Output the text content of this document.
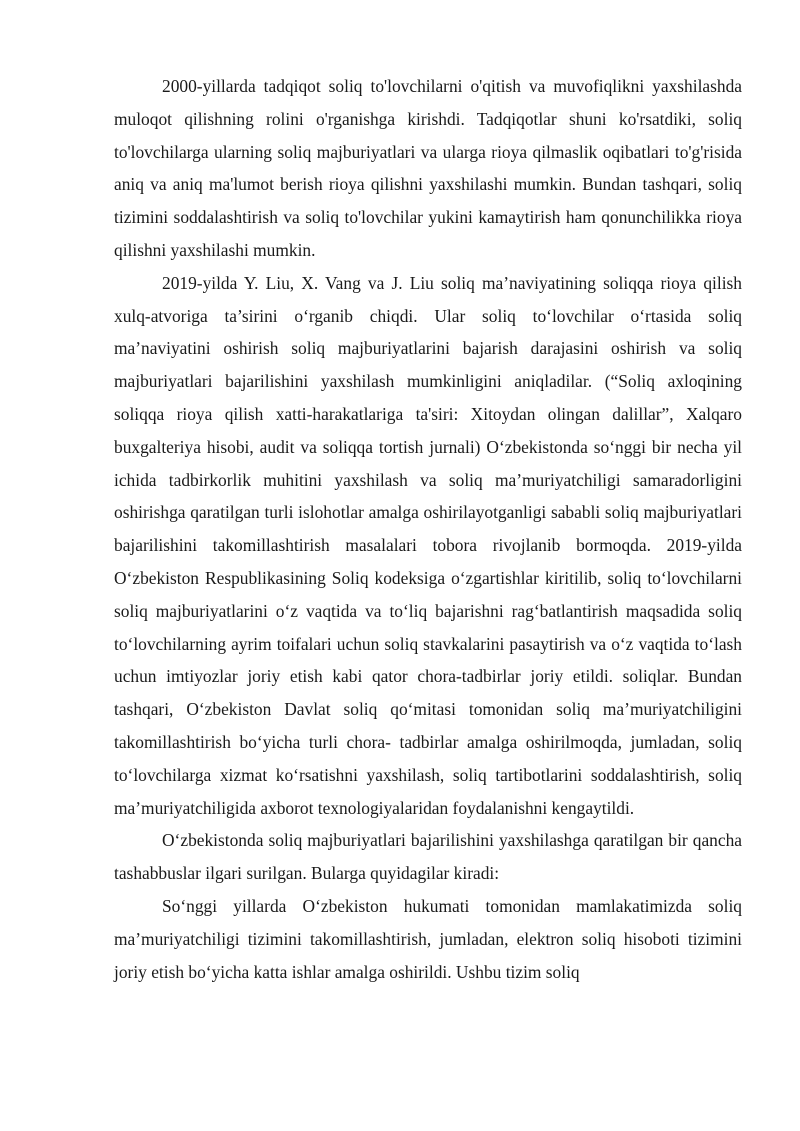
2000-yillarda tadqiqot soliq to'lovchilarni o'qitish va muvofiqlikni yaxshilashda muloqot qilishning rolini o'rganishga kirishdi. Tadqiqotlar shuni ko'rsatdiki, soliq to'lovchilarga ularning soliq majburiyatlari va ularga rioya qilmaslik oqibatlari to'g'risida aniq va aniq ma'lumot berish rioya qilishni yaxshilashi mumkin. Bundan tashqari, soliq tizimini soddalashtirish va soliq to'lovchilar yukini kamaytirish ham qonunchilikka rioya qilishni yaxshilashi mumkin.

2019-yilda Y. Liu, X. Vang va J. Liu soliq ma’naviyatining soliqqa rioya qilish xulq-atvoriga ta’sirini o‘rganib chiqdi. Ular soliq to‘lovchilar o‘rtasida soliq ma’naviyatini oshirish soliq majburiyatlarini bajarish darajasini oshirish va soliq majburiyatlari bajarilishini yaxshilash mumkinligini aniqladilar. (“Soliq axloqining soliqqa rioya qilish xatti-harakatlariga ta'siri: Xitoydan olingan dalillar”, Xalqaro buxgalteriya hisobi, audit va soliqqa tortish jurnali) O‘zbekistonda so‘nggi bir necha yil ichida tadbirkorlik muhitini yaxshilash va soliq ma’muriyatchiligi samaradorligini oshirishga qaratilgan turli islohotlar amalga oshirilayotganligi sababli soliq majburiyatlari bajarilishini takomillashtirish masalalari tobora rivojlanib bormoqda. 2019-yilda O‘zbekiston Respublikasining Soliq kodeksiga o‘zgartishlar kiritilib, soliq to‘lovchilarni soliq majburiyatlarini o‘z vaqtida va to‘liq bajarishni rag‘batlantirish maqsadida soliq to‘lovchilarning ayrim toifalari uchun soliq stavkalarini pasaytirish va o‘z vaqtida to‘lash uchun imtiyozlar joriy etish kabi qator chora-tadbirlar joriy etildi. soliqlar. Bundan tashqari, O‘zbekiston Davlat soliq qo‘mitasi tomonidan soliq ma’muriyatchiligini takomillashtirish bo‘yicha turli chora- tadbirlar amalga oshirilmoqda, jumladan, soliq to‘lovchilarga xizmat ko‘rsatishni yaxshilash, soliq tartibotlarini soddalashtirish, soliq ma’muriyatchiligida axborot texnologiyalaridan foydalanishni kengaytildi.

O‘zbekistonda soliq majburiyatlari bajarilishini yaxshilashga qaratilgan bir qancha tashabbuslar ilgari surilgan. Bularga quyidagilar kiradi:

So‘nggi yillarda O‘zbekiston hukumati tomonidan mamlakatimizda soliq ma’muriyatchiligi tizimini takomillashtirish, jumladan, elektron soliq hisoboti tizimini joriy etish bo‘yicha katta ishlar amalga oshirildi. Ushbu tizim soliq
